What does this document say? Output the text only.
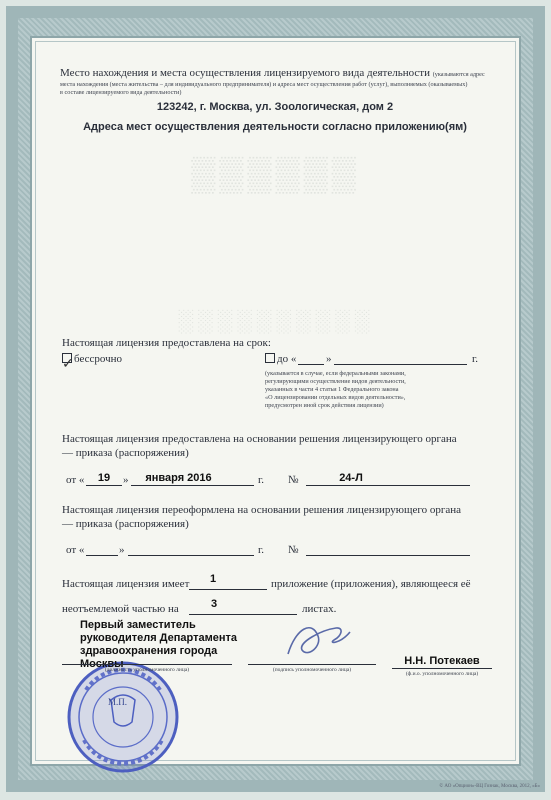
▒▒▒▒▒▒
░░░░░░░░░░
Место нахождения и места осуществления лицензируемого вида деятельности (указываются адрес
места нахождения (места жительства – для индивидуального предпринимателя) и адреса мест осуществления работ (услуг), выполняемых (оказываемых)
в составе лицензируемого вида деятельности)
123242, г. Москва, ул. Зоологическая, дом 2
Адреса мест осуществления деятельности согласно приложению(ям)
Настоящая лицензия предоставлена на срок:
бессрочно
✓	до «	»	г.
(указывается в случае, если федеральными законами,
регулирующими осуществление видов деятельности,
указанных в части 4 статьи 1 Федерального закона
«О лицензировании отдельных видов деятельности»,
предусмотрен иной срок действия лицензии)
Настоящая лицензия предоставлена на основании решения лицензирующего органа
— приказа (распоряжения)
от «	19	»	января 2016	г. №	24-Л
Настоящая лицензия переоформлена на основании решения лицензирующего органа
— приказа (распоряжения)
от «	»	г. №
Настоящая лицензия имеет	1	приложение (приложения), являющееся её
неотъемлемой частью на	3	листах.
М.П.
Первый заместитель
руководителя Департамента
здравоохранения города
Москвы
(должность уполномоченного лица)	(подпись уполномоченного лица)
Н.Н. Потекаев
(ф.и.о. уполномоченного лица)
© АО «Опцион»-ВЦ Гознак, Москва, 2012, «Б»
